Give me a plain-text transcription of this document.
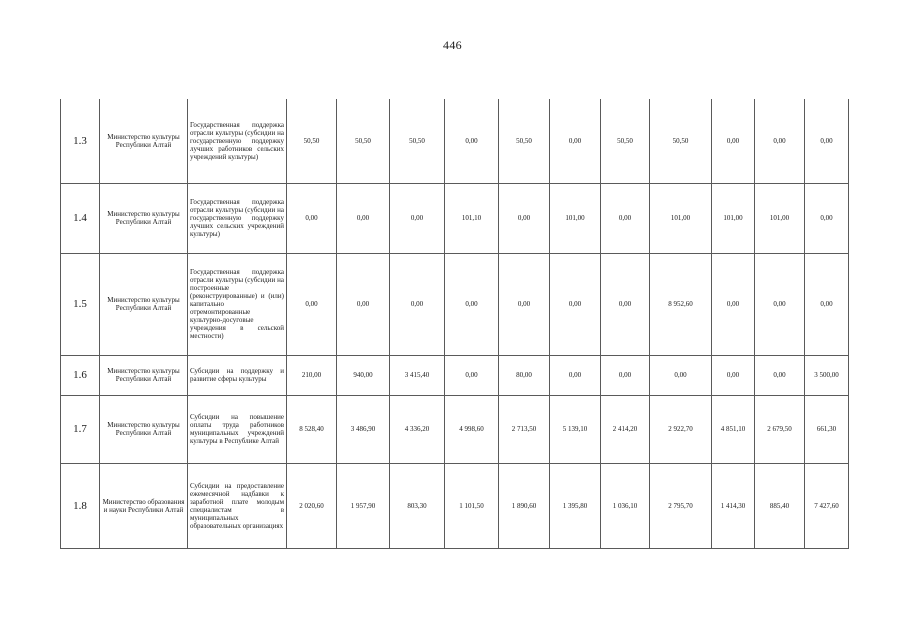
446
1.3	Министерство культуры Республики Алтай	Государственная поддержка отрасли культуры (субсидии на государственную поддержку лучших работников сельских учреждений культуры)	50,50	50,50	50,50	0,00	50,50	0,00	50,50	50,50	0,00	0,00	0,00
1.4	Министерство культуры Республики Алтай	Государственная поддержка отрасли культуры (субсидии на государственную поддержку лучших сельских учреждений культуры)	0,00	0,00	0,00	101,10	0,00	101,00	0,00	101,00	101,00	101,00	0,00
1.5	Министерство культуры Республики Алтай	Государственная поддержка отрасли культуры (субсидии на построенные (реконструированные) и (или) капитально отремонтированные культурно-досуговые учреждения в сельской местности)	0,00	0,00	0,00	0,00	0,00	0,00	0,00	8 952,60	0,00	0,00	0,00
1.6	Министерство культуры Республики Алтай	Субсидии на поддержку и развитие сферы культуры	210,00	940,00	3 415,40	0,00	80,00	0,00	0,00	0,00	0,00	0,00	3 500,00
1.7	Министерство культуры Республики Алтай	Субсидии на повышение оплаты труда работников муниципальных учреждений культуры в Республике Алтай	8 528,40	3 486,90	4 336,20	4 998,60	2 713,50	5 139,10	2 414,20	2 922,70	4 851,10	2 679,50	661,30
1.8	Министерство образования и науки Республики Алтай	Субсидии на предоставление ежемесячной надбавки к заработной плате молодым специалистам в муниципальных образовательных организациях	2 020,60	1 957,90	803,30	1 101,50	1 890,60	1 395,80	1 036,10	2 795,70	1 414,30	885,40	7 427,60
